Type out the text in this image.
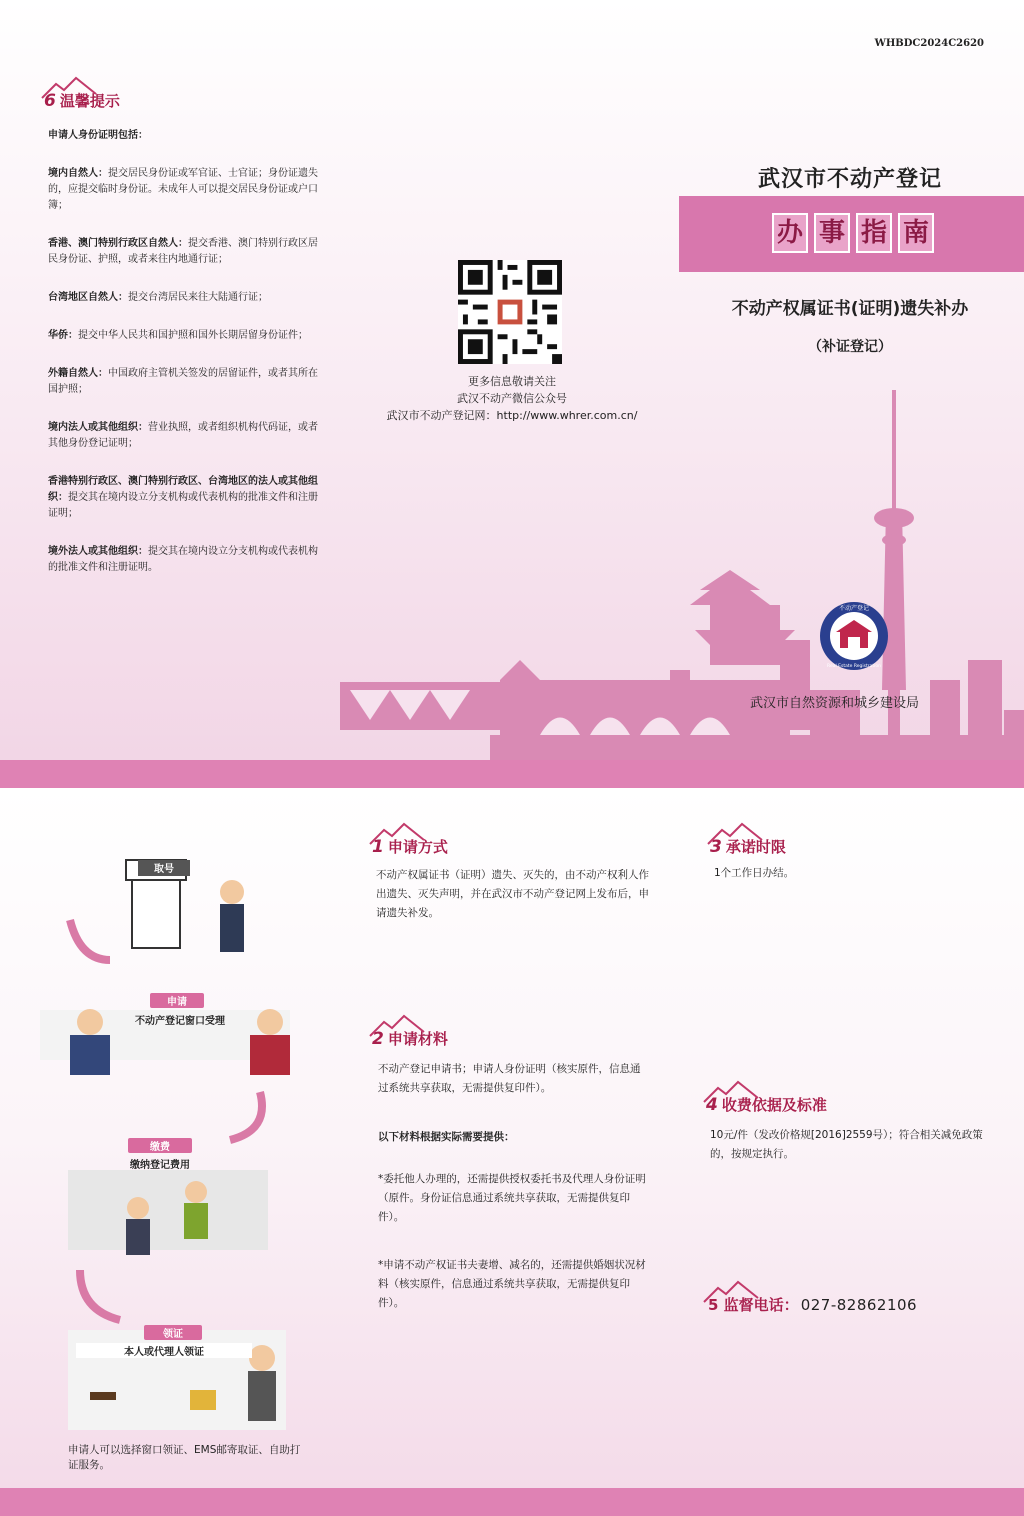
WHBDC2024C2620
6 温馨提示

申请人身份证明包括：

境内自然人：提交居民身份证或军官证、士官证；身份证遗失的，应提交临时身份证。未成年人可以提交居民身份证或户口簿；

香港、澳门特别行政区自然人：提交香港、澳门特别行政区居民身份证、护照，或者来往内地通行证；

台湾地区自然人：提交台湾居民来往大陆通行证；

华侨：提交中华人民共和国护照和国外长期居留身份证件；

外籍自然人：中国政府主管机关签发的居留证件，或者其所在国护照；

境内法人或其他组织：营业执照，或者组织机构代码证，或者其他身份登记证明；

香港特别行政区、澳门特别行政区、台湾地区的法人或其他组织：提交其在境内设立分支机构或代表机构的批准文件和注册证明；

境外法人或其他组织：提交其在境内设立分支机构或代表机构的批准文件和注册证明。

更多信息敬请关注
武汉不动产微信公众号
武汉市不动产登记网：http://www.whrer.com.cn/
武汉市不动产登记
办 事 指 南
不动产权属证书(证明)遗失补办
（补证登记）
不动产登记
Real Estate Registration
武汉市自然资源和城乡建设局
1 申请方式
不动产权属证书（证明）遗失、灭失的，由不动产权利人作出遗失、灭失声明，并在武汉市不动产登记网上发布后，申请遗失补发。
2 申请材料
不动产登记申请书；申请人身份证明（核实原件，信息通过系统共享获取，无需提供复印件）。
以下材料根据实际需要提供：
*委托他人办理的，还需提供授权委托书及代理人身份证明（原件。身份证信息通过系统共享获取，无需提供复印件）。
*申请不动产权证书夫妻增、减名的，还需提供婚姻状况材料（核实原件，信息通过系统共享获取，无需提供复印件）。
3 承诺时限
1个工作日办结。
4 收费依据及标准
10元/件（发改价格规[2016]2559号）；符合相关减免政策的，按规定执行。
5 监督电话： 027-82862106
取号
申请
不动产登记窗口受理
缴费
缴纳登记费用
领证
本人或代理人领证
申请人可以选择窗口领证、EMS邮寄取证、自助打证服务。
